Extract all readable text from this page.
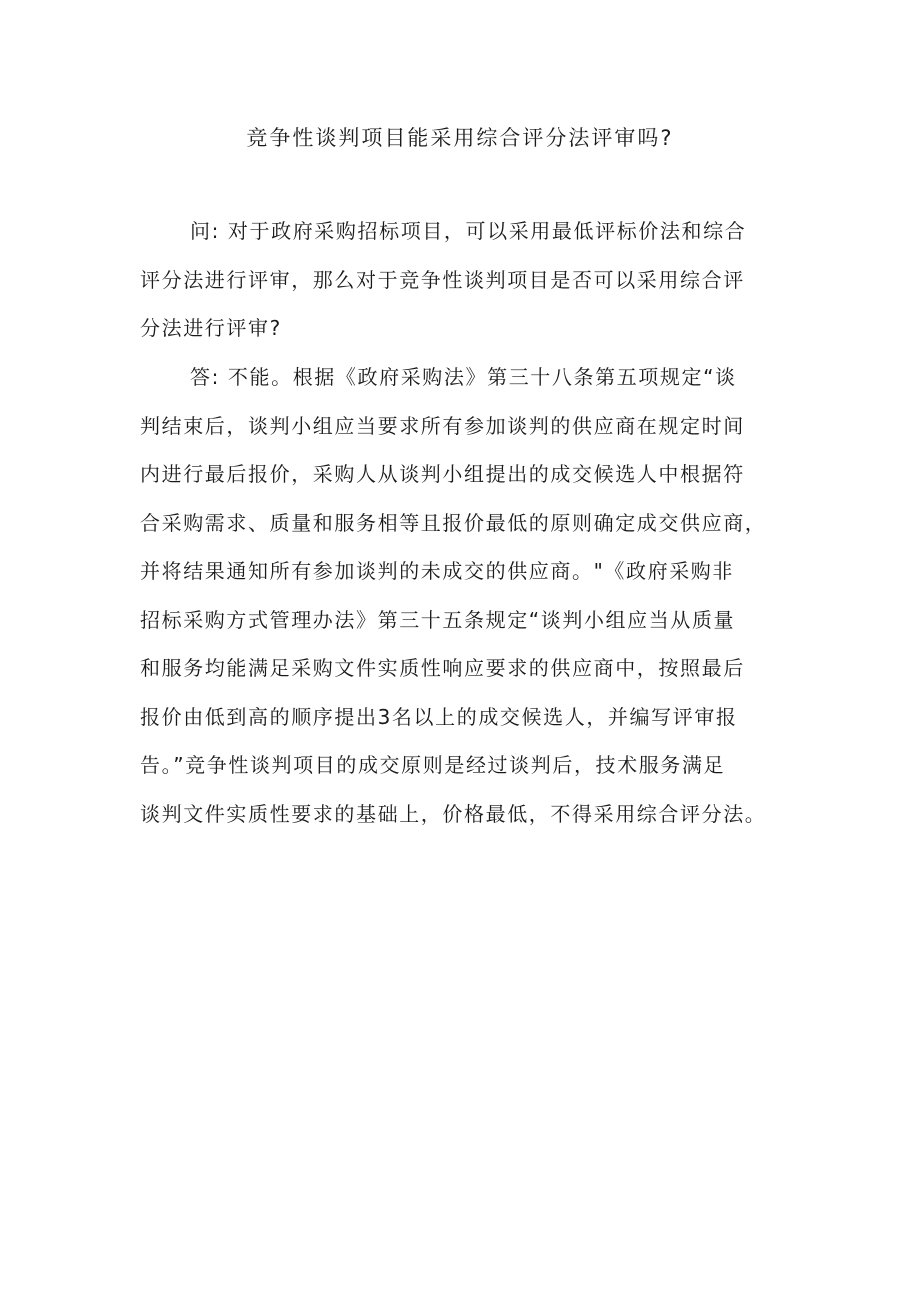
竞争性谈判项目能采用综合评分法评审吗?
问: 对于政府采购招标项目，可以采用最低评标价法和综合
评分法进行评审，那么对于竞争性谈判项目是否可以采用综合评
分法进行评审?
答: 不能。根据《政府采购法》第三十八条第五项规定“谈
判结束后，谈判小组应当要求所有参加谈判的供应商在规定时间
内进行最后报价，采购人从谈判小组提出的成交候选人中根据符
合采购需求、质量和服务相等且报价最低的原则确定成交供应商，
并将结果通知所有参加谈判的未成交的供应商。"《政府采购非
招标采购方式管理办法》第三十五条规定“谈判小组应当从质量
和服务均能满足采购文件实质性响应要求的供应商中，按照最后
报价由低到高的顺序提出3名以上的成交候选人，并编写评审报
告。”竞争性谈判项目的成交原则是经过谈判后，技术服务满足
谈判文件实质性要求的基础上，价格最低，不得采用综合评分法。
